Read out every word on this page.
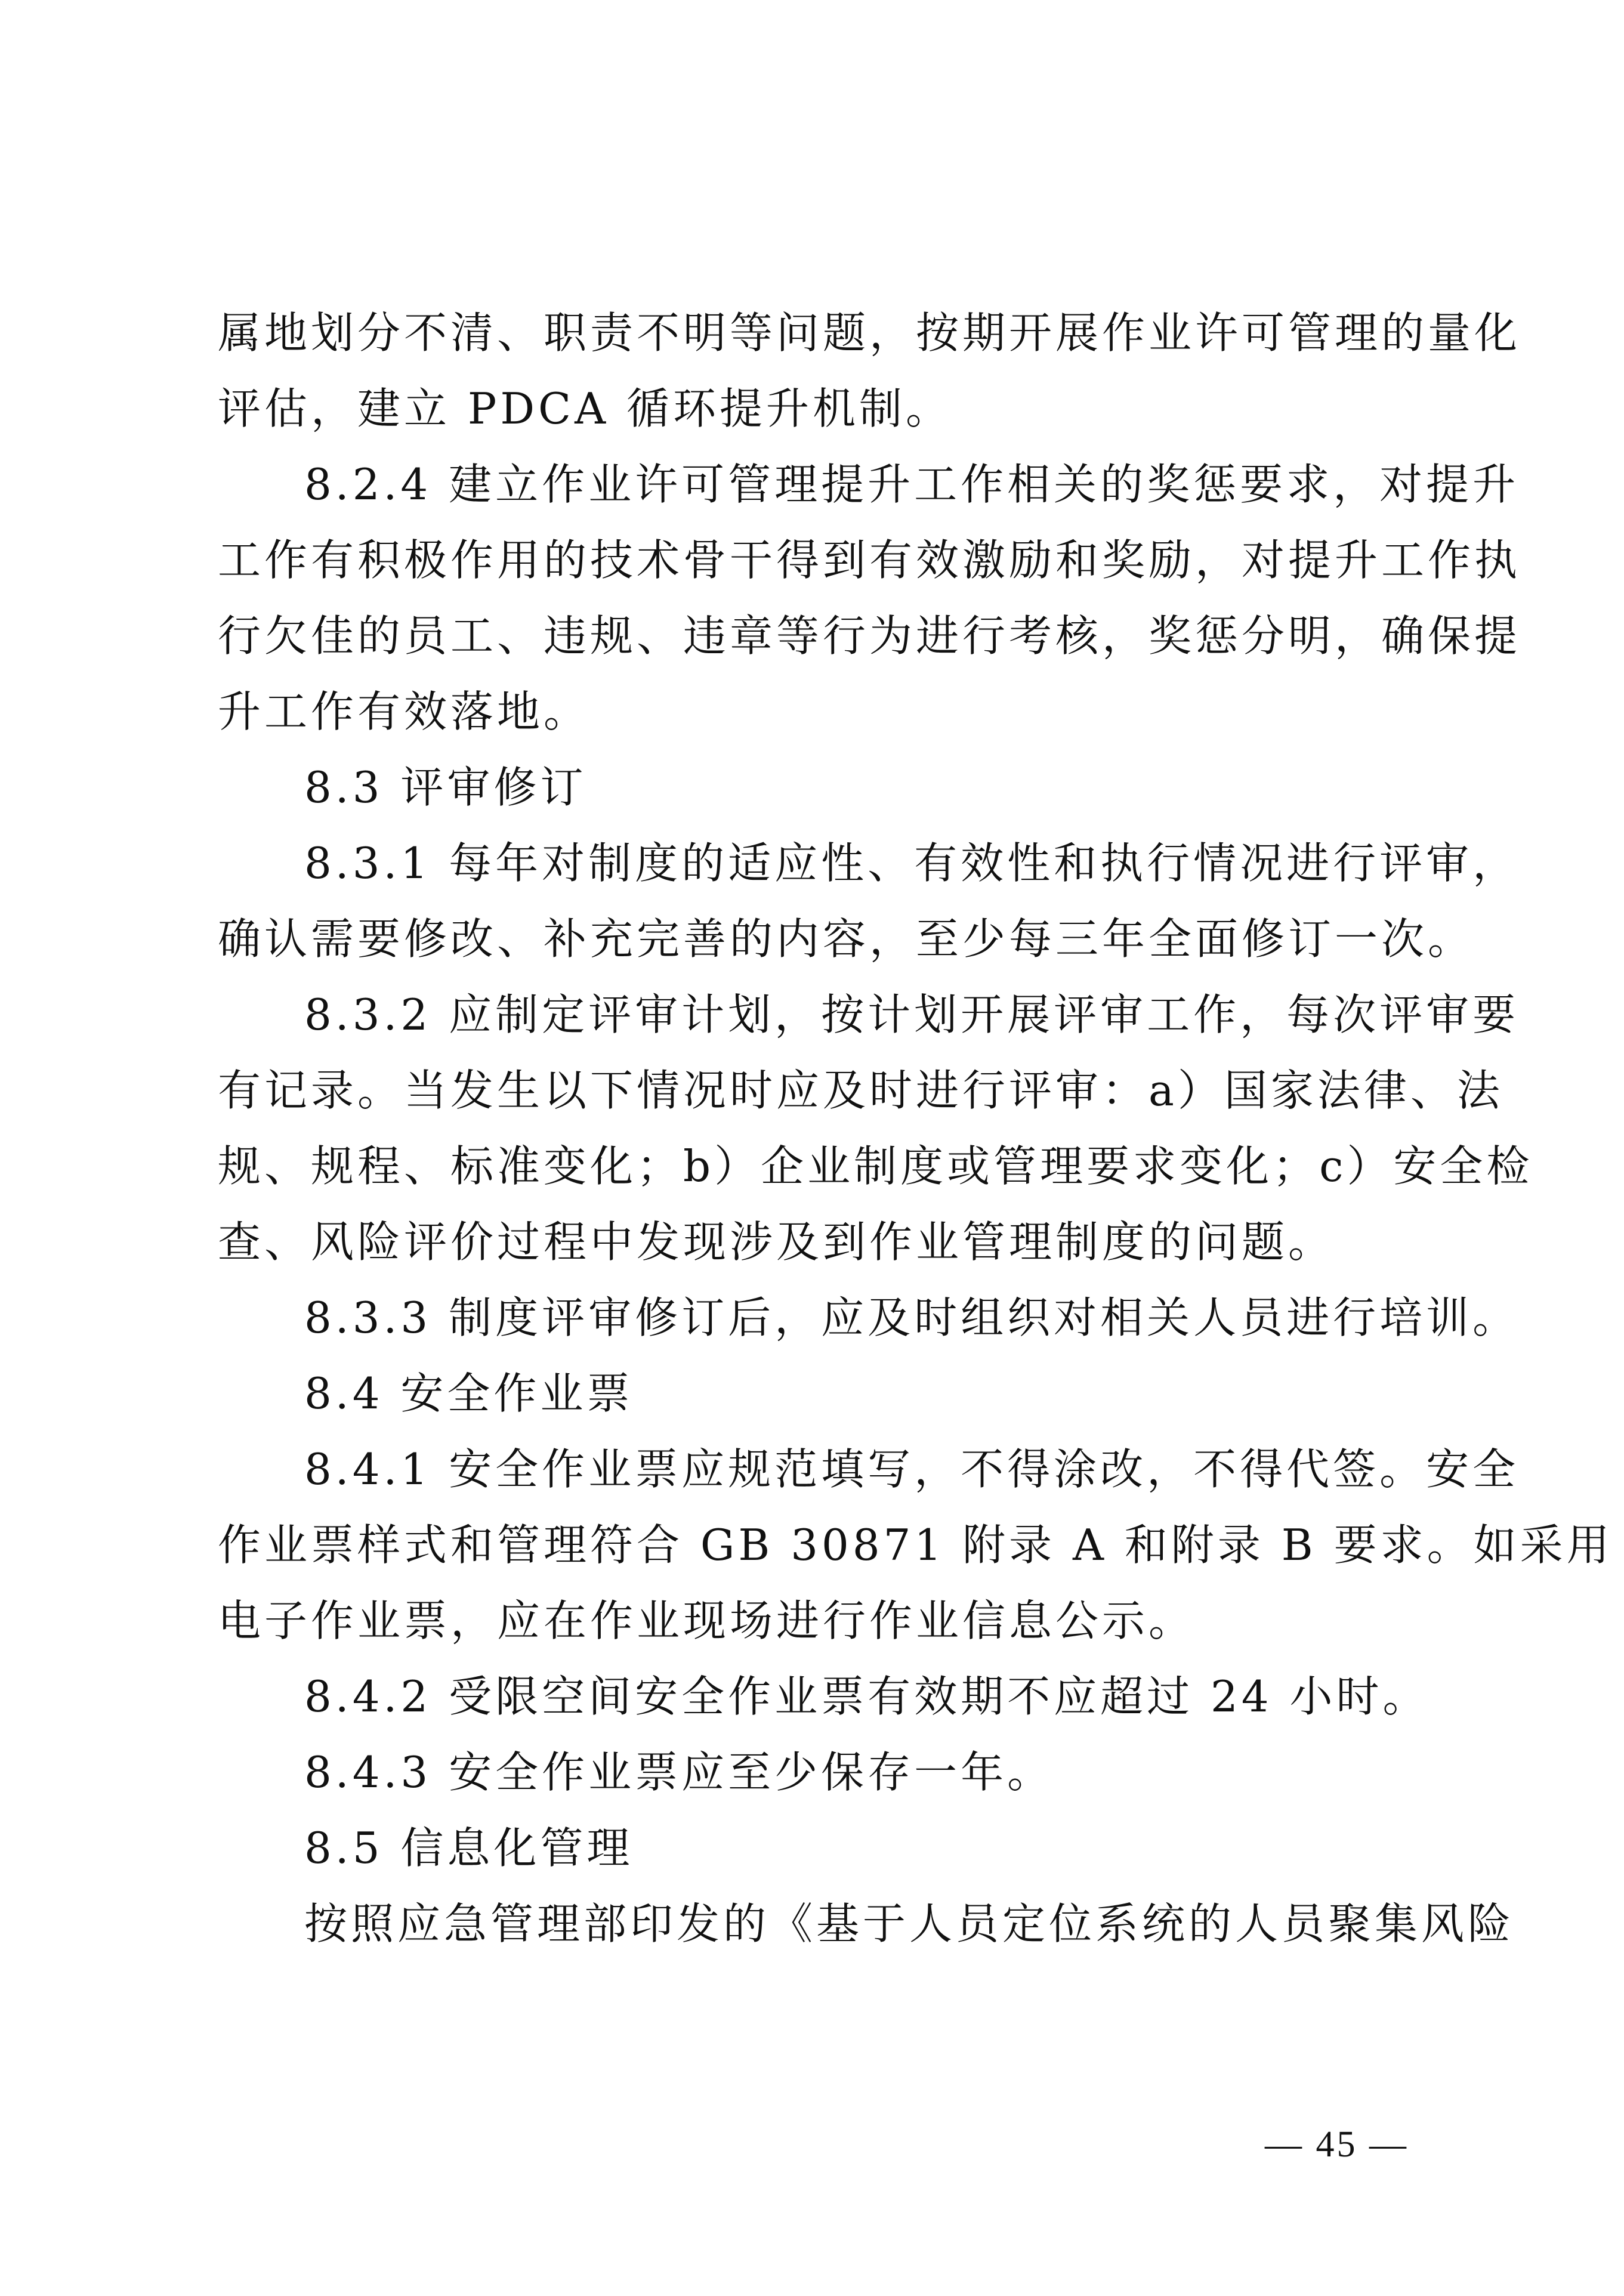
属地划分不清、职责不明等问题，按期开展作业许可管理的量化
评估，建立 PDCA 循环提升机制。
8.2.4 建立作业许可管理提升工作相关的奖惩要求，对提升
工作有积极作用的技术骨干得到有效激励和奖励，对提升工作执
行欠佳的员工、违规、违章等行为进行考核，奖惩分明，确保提
升工作有效落地。
8.3 评审修订
8.3.1 每年对制度的适应性、有效性和执行情况进行评审，
确认需要修改、补充完善的内容，至少每三年全面修订一次。
8.3.2 应制定评审计划，按计划开展评审工作，每次评审要
有记录。当发生以下情况时应及时进行评审：a）国家法律、法
规、规程、标准变化；b）企业制度或管理要求变化；c）安全检
查、风险评价过程中发现涉及到作业管理制度的问题。
8.3.3 制度评审修订后，应及时组织对相关人员进行培训。
8.4 安全作业票
8.4.1 安全作业票应规范填写，不得涂改，不得代签。安全
作业票样式和管理符合 GB 30871 附录 A 和附录 B 要求。如采用
电子作业票，应在作业现场进行作业信息公示。
8.4.2 受限空间安全作业票有效期不应超过 24 小时。
8.4.3 安全作业票应至少保存一年。
8.5 信息化管理
按照应急管理部印发的《基于人员定位系统的人员聚集风险
— 45 —
